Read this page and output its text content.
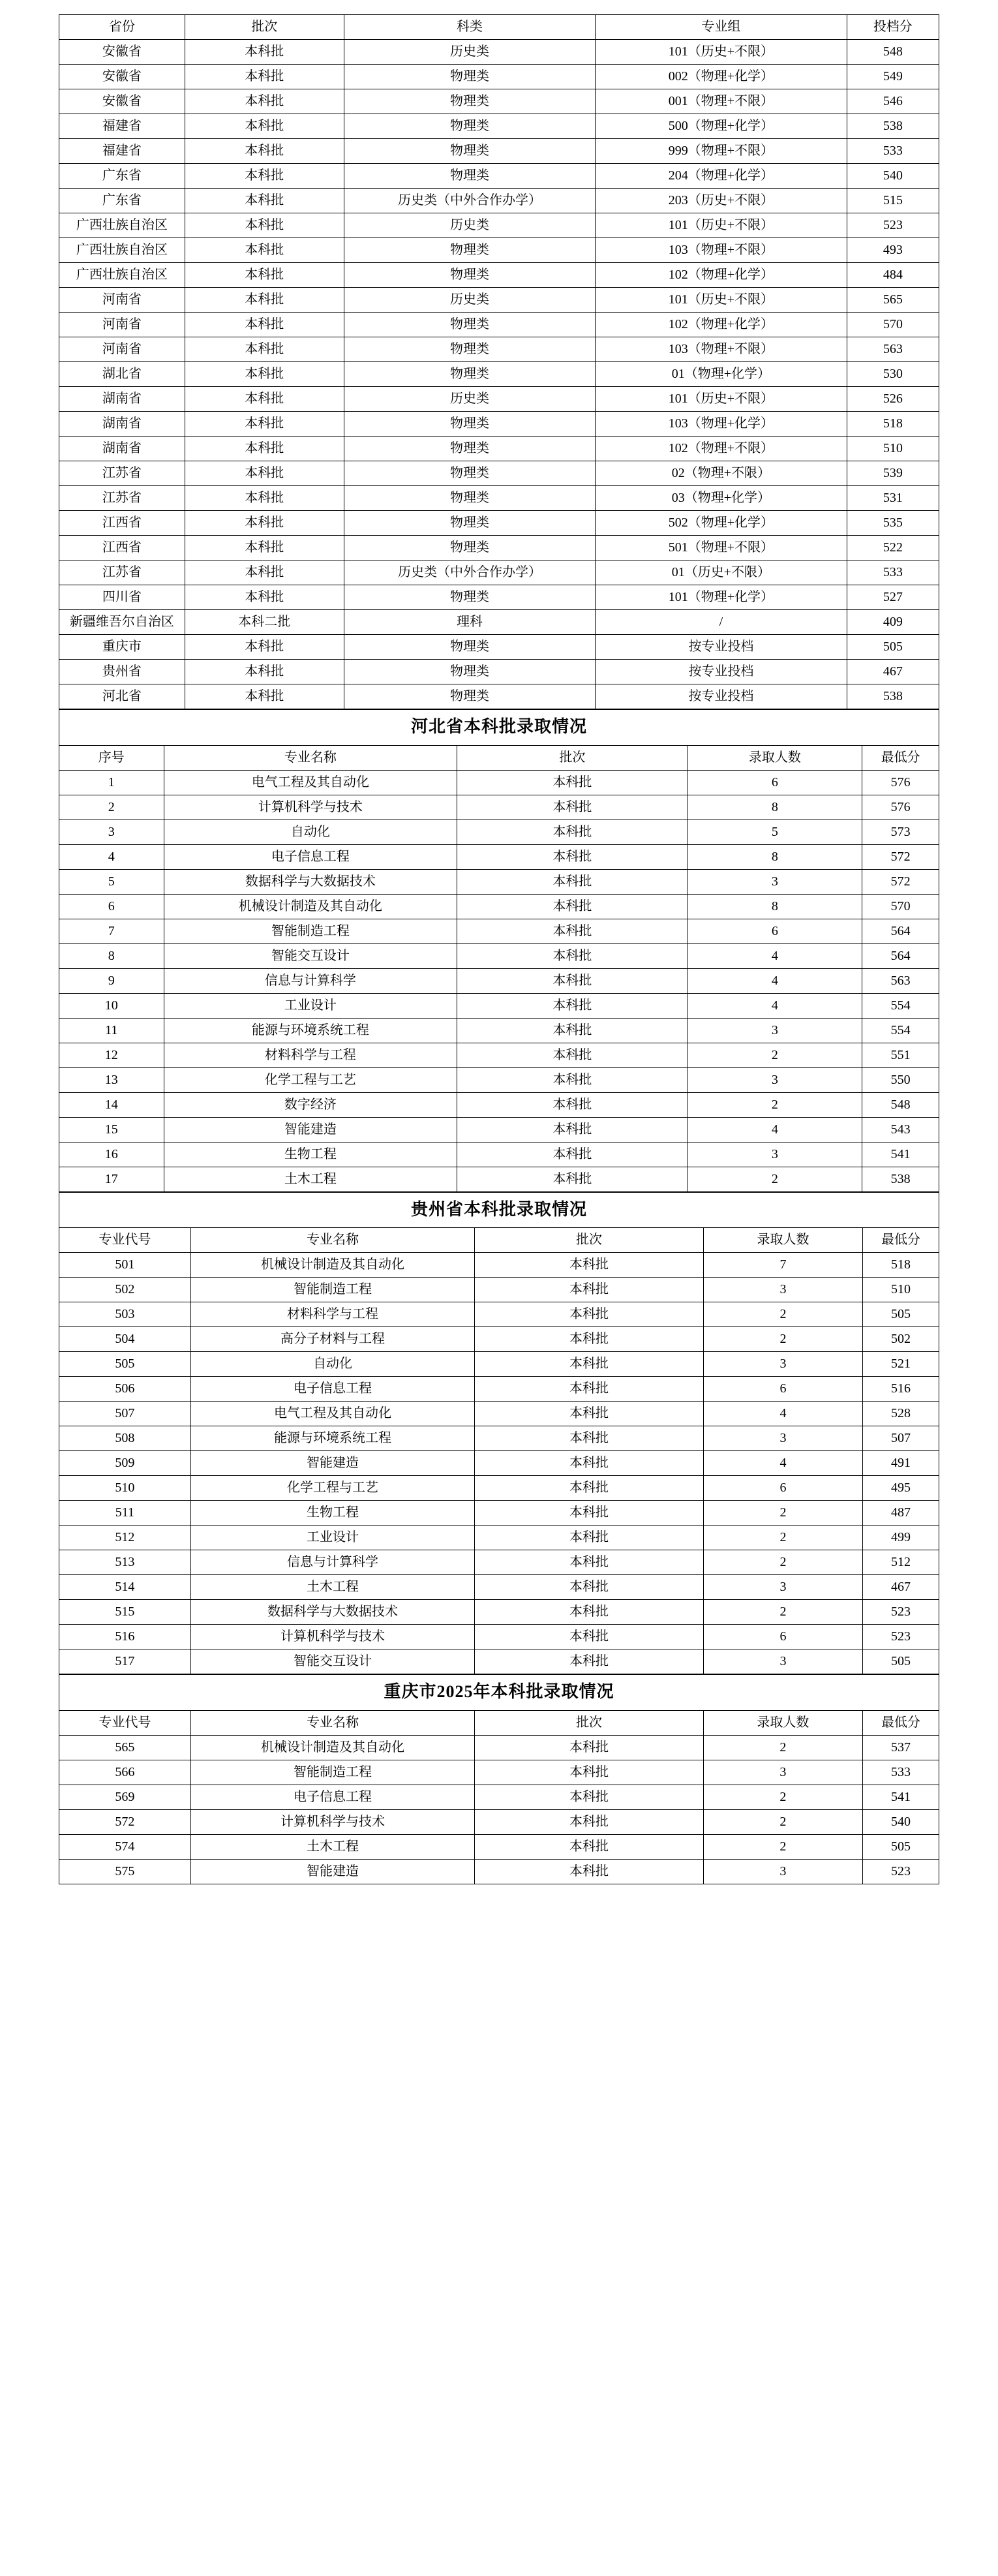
省份	批次	科类	专业组	投档分
安徽省	本科批	历史类	101（历史+不限）	548
安徽省	本科批	物理类	002（物理+化学）	549
安徽省	本科批	物理类	001（物理+不限）	546
福建省	本科批	物理类	500（物理+化学）	538
福建省	本科批	物理类	999（物理+不限）	533
广东省	本科批	物理类	204（物理+化学）	540
广东省	本科批	历史类（中外合作办学）	203（历史+不限）	515
广西壮族自治区	本科批	历史类	101（历史+不限）	523
广西壮族自治区	本科批	物理类	103（物理+不限）	493
广西壮族自治区	本科批	物理类	102（物理+化学）	484
河南省	本科批	历史类	101（历史+不限）	565
河南省	本科批	物理类	102（物理+化学）	570
河南省	本科批	物理类	103（物理+不限）	563
湖北省	本科批	物理类	01（物理+化学）	530
湖南省	本科批	历史类	101（历史+不限）	526
湖南省	本科批	物理类	103（物理+化学）	518
湖南省	本科批	物理类	102（物理+不限）	510
江苏省	本科批	物理类	02（物理+不限）	539
江苏省	本科批	物理类	03（物理+化学）	531
江西省	本科批	物理类	502（物理+化学）	535
江西省	本科批	物理类	501（物理+不限）	522
江苏省	本科批	历史类（中外合作办学）	01（历史+不限）	533
四川省	本科批	物理类	101（物理+化学）	527
新疆维吾尔自治区	本科二批	理科	/	409
重庆市	本科批	物理类	按专业投档	505
贵州省	本科批	物理类	按专业投档	467
河北省	本科批	物理类	按专业投档	538
河北省本科批录取情况				
序号	专业名称	批次	录取人数	最低分
1	电气工程及其自动化	本科批	6	576
2	计算机科学与技术	本科批	8	576
3	自动化	本科批	5	573
4	电子信息工程	本科批	8	572
5	数据科学与大数据技术	本科批	3	572
6	机械设计制造及其自动化	本科批	8	570
7	智能制造工程	本科批	6	564
8	智能交互设计	本科批	4	564
9	信息与计算科学	本科批	4	563
10	工业设计	本科批	4	554
11	能源与环境系统工程	本科批	3	554
12	材料科学与工程	本科批	2	551
13	化学工程与工艺	本科批	3	550
14	数字经济	本科批	2	548
15	智能建造	本科批	4	543
16	生物工程	本科批	3	541
17	土木工程	本科批	2	538
贵州省本科批录取情况				
专业代号	专业名称	批次	录取人数	最低分
501	机械设计制造及其自动化	本科批	7	518
502	智能制造工程	本科批	3	510
503	材料科学与工程	本科批	2	505
504	高分子材料与工程	本科批	2	502
505	自动化	本科批	3	521
506	电子信息工程	本科批	6	516
507	电气工程及其自动化	本科批	4	528
508	能源与环境系统工程	本科批	3	507
509	智能建造	本科批	4	491
510	化学工程与工艺	本科批	6	495
511	生物工程	本科批	2	487
512	工业设计	本科批	2	499
513	信息与计算科学	本科批	2	512
514	土木工程	本科批	3	467
515	数据科学与大数据技术	本科批	2	523
516	计算机科学与技术	本科批	6	523
517	智能交互设计	本科批	3	505
重庆市2025年本科批录取情况				
专业代号	专业名称	批次	录取人数	最低分
565	机械设计制造及其自动化	本科批	2	537
566	智能制造工程	本科批	3	533
569	电子信息工程	本科批	2	541
572	计算机科学与技术	本科批	2	540
574	土木工程	本科批	2	505
575	智能建造	本科批	3	523
